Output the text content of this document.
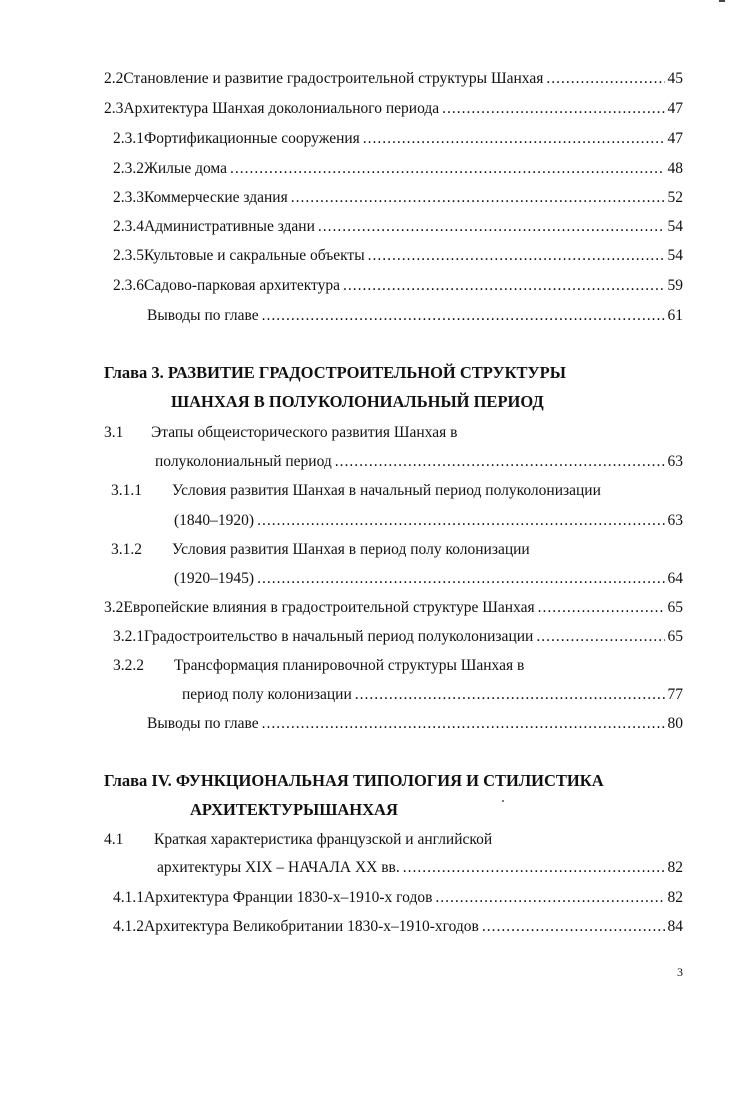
2.2 Становление и развитие градостроительной структуры Шанхая .....	45
2.3 Архитектура Шанхая доколониального периода .....	47
2.3.1 Фортификационные сооружения .....	47
2.3.2 Жилые дома .....	48
2.3.3 Коммерческие здания .....	52
2.3.4 Административные здани .....	54
2.3.5 Культовые и сакральные объекты .....	54
2.3.6 Садово-парковая архитектура .....	59
Выводы по главе .....	61
Глава 3. РАЗВИТИЕ ГРАДОСТРОИТЕЛЬНОЙ СТРУКТУРЫ
ШАНХАЯ В ПОЛУКОЛОНИАЛЬНЫЙ ПЕРИОД
3.1 Этапы общеисторического развития Шанхая в
полуколониальный период .....	63
3.1.1 Условия развития Шанхая в начальный период полуколонизации
(1840–1920) .....	63
3.1.2 Условия развития Шанхая в период полу колонизации
(1920–1945) .....	64
3.2 Европейские влияния в градостроительной структуре Шанхая .....	65
3.2.1 Градостроительство в начальный период полуколонизации .....	65
3.2.2 Трансформация планировочной структуры Шанхая в
период полу колонизации .....	77
Выводы по главе .....	80
Глава IV. ФУНКЦИОНАЛЬНАЯ ТИПОЛОГИЯ И СТИЛИСТИКА
АРХИТЕКТУРЫШАНХАЯ
4.1 Краткая характеристика французской и английской
архитектуры XIX – НАЧАЛА XX вв. .....	82
4.1.1 Архитектура Франции 1830-х–1910-х годов .....	82
4.1.2 Архитектура Великобритании 1830-х–1910-хгодов .....	84
3
